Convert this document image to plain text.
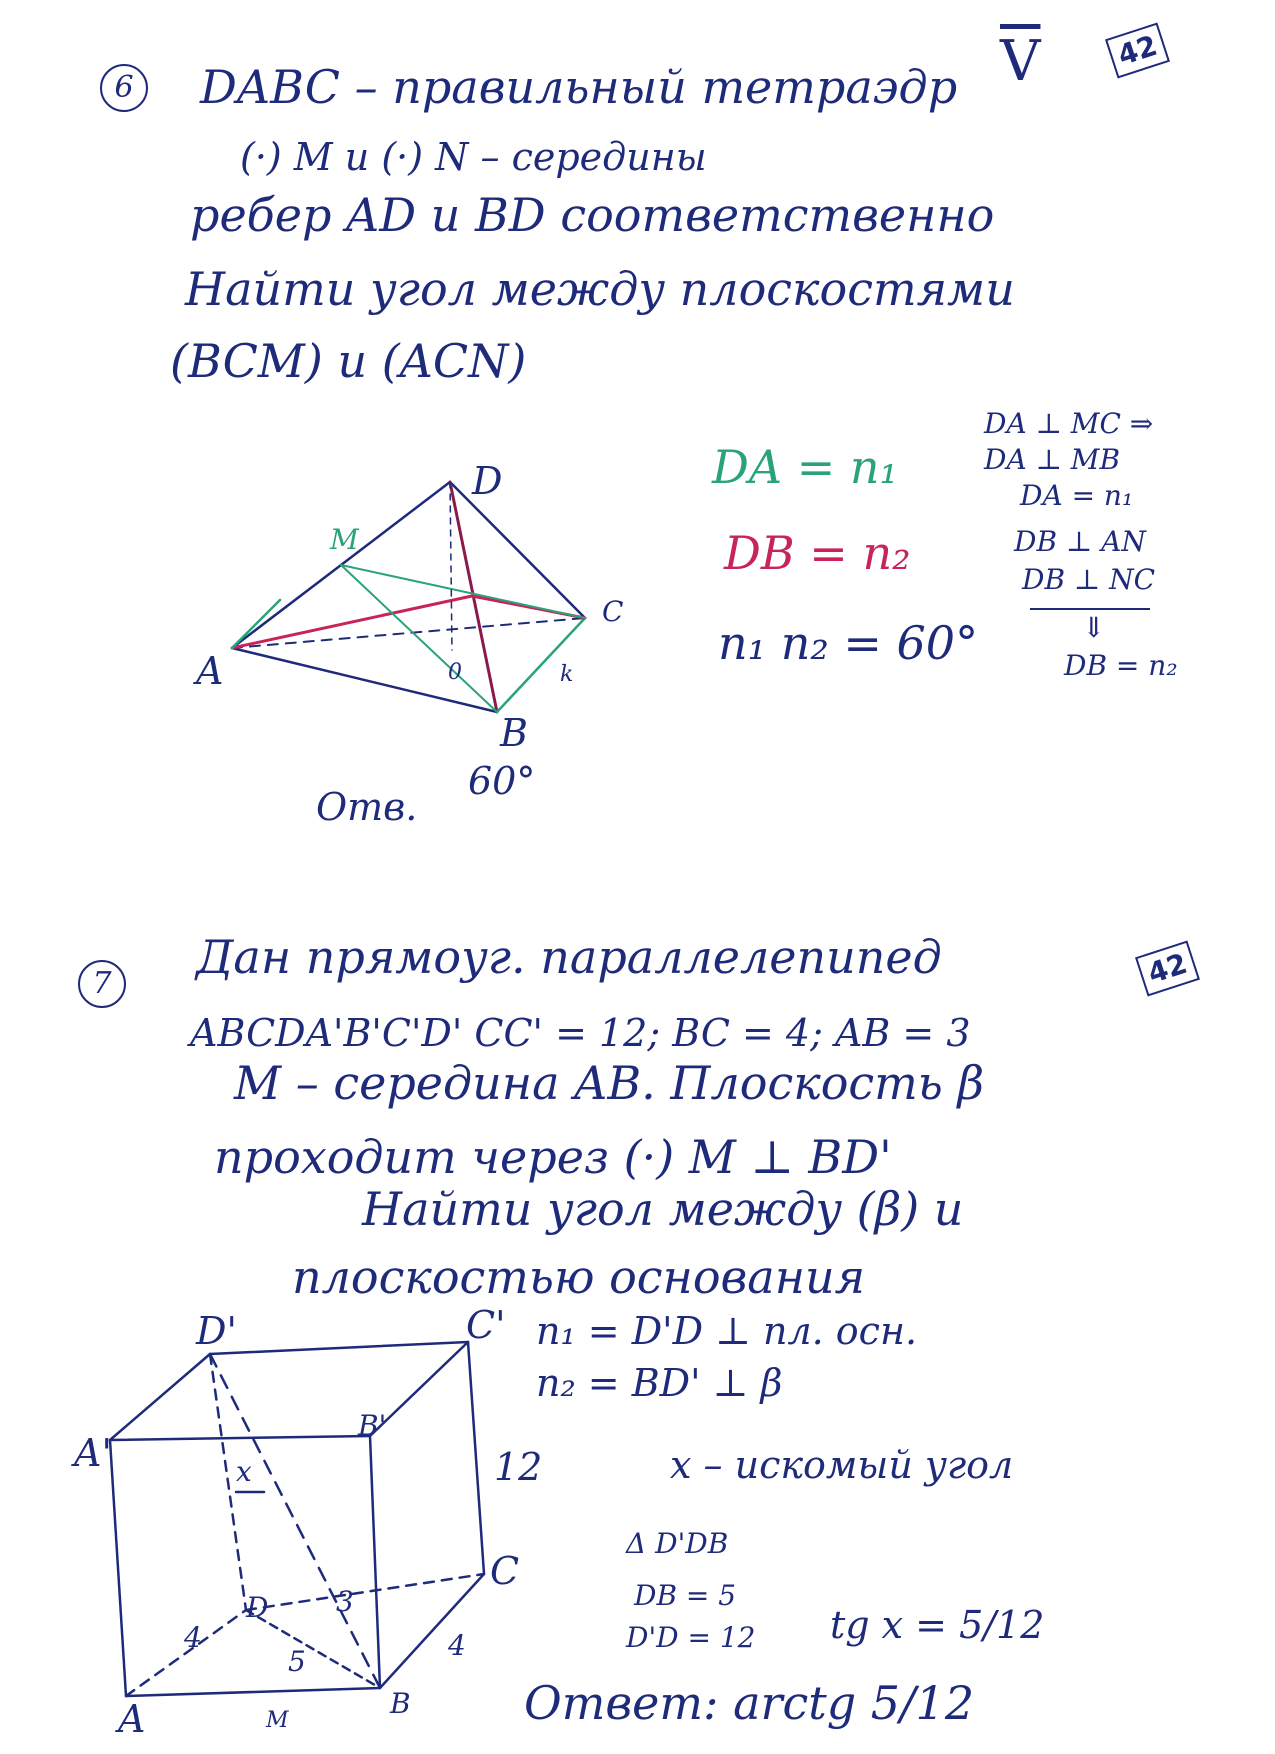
6	$\overline{V}$	42
DABC – правильный тетраэдр
(·) M и (·) N – середины
ребер AD и BD соответственно
Найти угол между плоскостями
(BCM) и (ACN)
D
M
A
B
C
0	k
DA = n₁
DB = n₂
n₁ n₂ = 60°
DA ⊥ MC ⇒
DA ⊥ MB
DA = n₁
DB ⊥ AN
DB ⊥ NC
⇓
DB = n₂
60°
Отв.
7	42
Дан прямоуг. параллелепипед
ABCDA'B'C'D' CC' = 12; BC = 4; AB = 3
M – середина AB. Плоскость β
проходит через (·) M ⊥ BD'
Найти угол между (β) и
плоскостью основания
D'	C'
A'
B'
12
C
x
D 3
4
5	4
A	M
B
n₁ = D'D ⊥ пл. осн.
n₂ = BD' ⊥ β
x – искомый угол
Δ D'DB
DB = 5
D'D = 12 tg x = 5/12
Ответ: arctg 5/12
